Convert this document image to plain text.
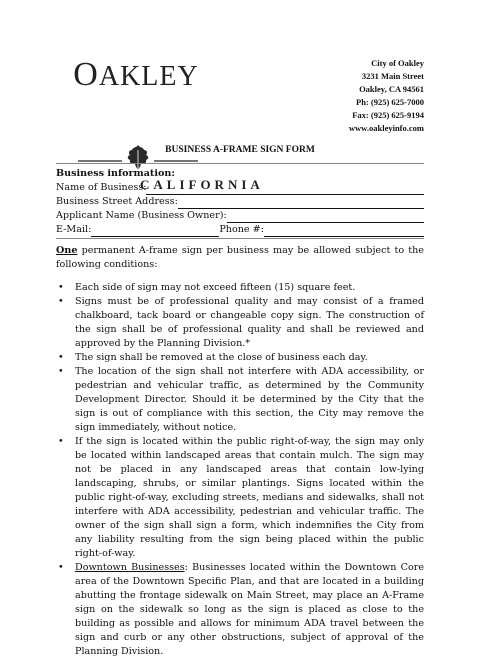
OAKLEY
CALIFORNIA
City of Oakley
3231 Main Street
Oakley, CA 94561
Ph: (925) 625-7000
Fax: (925) 625-9194
www.oakleyinfo.com
BUSINESS A-FRAME SIGN FORM
Business information:
Name of Business:
Business Street Address:
Applicant Name (Business Owner):
E-Mail:	Phone #:
One permanent A-frame sign per business may be allowed subject to the following conditions:
• Each side of sign may not exceed fifteen (15) square feet.
• Signs must be of professional quality and may consist of a framed chalkboard, tack board or changeable copy sign. The construction of the sign shall be of professional quality and shall be reviewed and approved by the Planning Division.*
• The sign shall be removed at the close of business each day.
• The location of the sign shall not interfere with ADA accessibility, or pedestrian and vehicular traffic, as determined by the Community Development Director. Should it be determined by the City that the sign is out of compliance with this section, the City may remove the sign immediately, without notice.
• If the sign is located within the public right-of-way, the sign may only be located within landscaped areas that contain mulch. The sign may not be placed in any landscaped areas that contain low-lying landscaping, shrubs, or similar plantings. Signs located within the public right-of-way, excluding streets, medians and sidewalks, shall not interfere with ADA accessibility, pedestrian and vehicular traffic. The owner of the sign shall sign a form, which indemnifies the City from any liability resulting from the sign being placed within the public right-of-way.
• Downtown Businesses: Businesses located within the Downtown Core area of the Downtown Specific Plan, and that are located in a building abutting the frontage sidewalk on Main Street, may place an A-Frame sign on the sidewalk so long as the sign is placed as close to the building as possible and allows for minimum ADA travel between the sign and curb or any other obstructions, subject of approval of the Planning Division.
